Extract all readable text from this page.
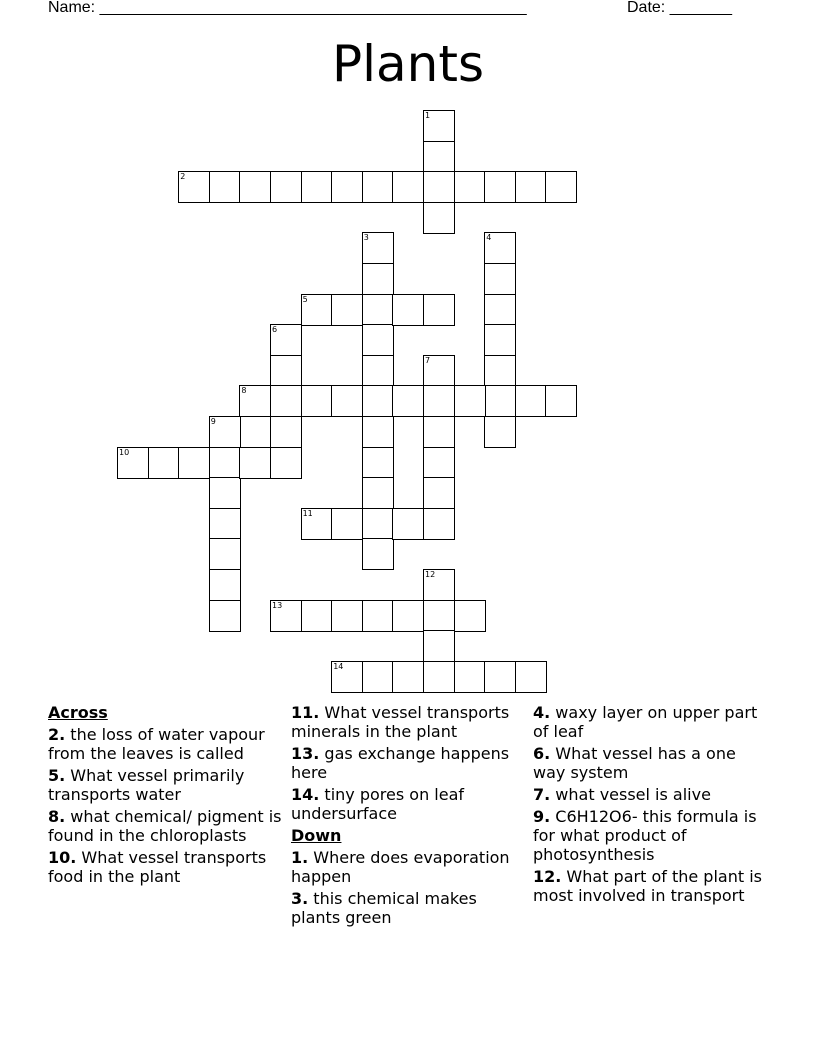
Name: ________________________________________________	Date: _______
Plants
1
2
3	4
5
6
7
8
9
10
11
12
13
14
Across
2. the loss of water vapour from the leaves is called
5. What vessel primarily transports water
8. what chemical/ pigment is found in the chloroplasts
10. What vessel transports food in the plant
11. What vessel transports minerals in the plant
13. gas exchange happens here
14. tiny pores on leaf undersurface
Down
1. Where does evaporation happen
3. this chemical makes plants green
4. waxy layer on upper part of leaf
6. What vessel has a one way system
7. what vessel is alive
9. C6H12O6- this formula is for what product of photosynthesis
12. What part of the plant is most involved in transport
